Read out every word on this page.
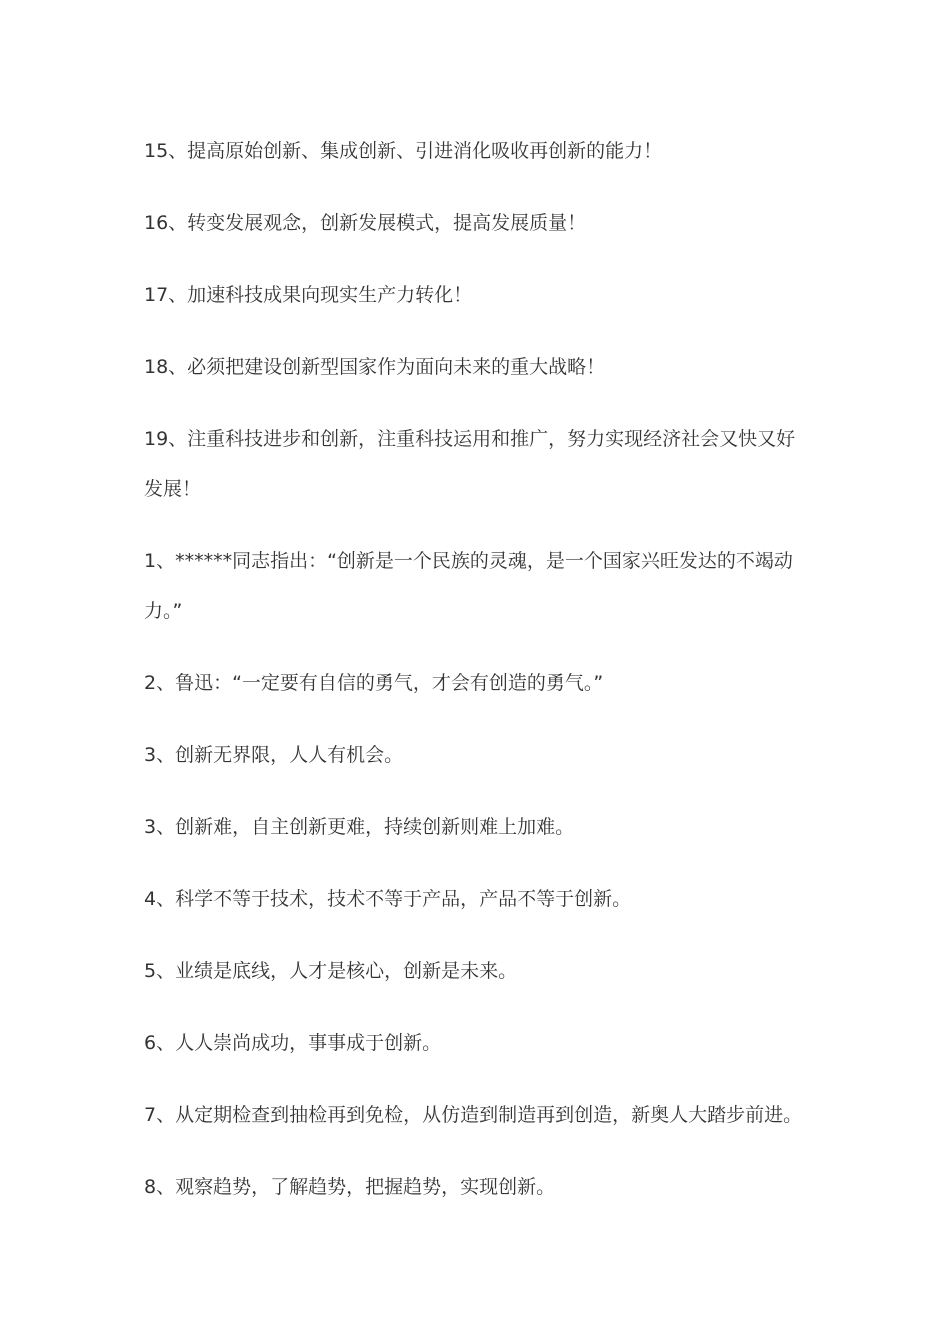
15、提高原始创新、集成创新、引进消化吸收再创新的能力！

16、转变发展观念，创新发展模式，提高发展质量！

17、加速科技成果向现实生产力转化！

18、必须把建设创新型国家作为面向未来的重大战略！

19、注重科技进步和创新，注重科技运用和推广，努力实现经济社会又快又好发展！

1、******同志指出：“创新是一个民族的灵魂，是一个国家兴旺发达的不竭动力。”

2、鲁迅：“一定要有自信的勇气，才会有创造的勇气。”

3、创新无界限，人人有机会。

3、创新难，自主创新更难，持续创新则难上加难。

4、科学不等于技术，技术不等于产品，产品不等于创新。

5、业绩是底线，人才是核心，创新是未来。

6、人人崇尚成功，事事成于创新。

7、从定期检查到抽检再到免检，从仿造到制造再到创造，新奥人大踏步前进。

8、观察趋势，了解趋势，把握趋势，实现创新。
